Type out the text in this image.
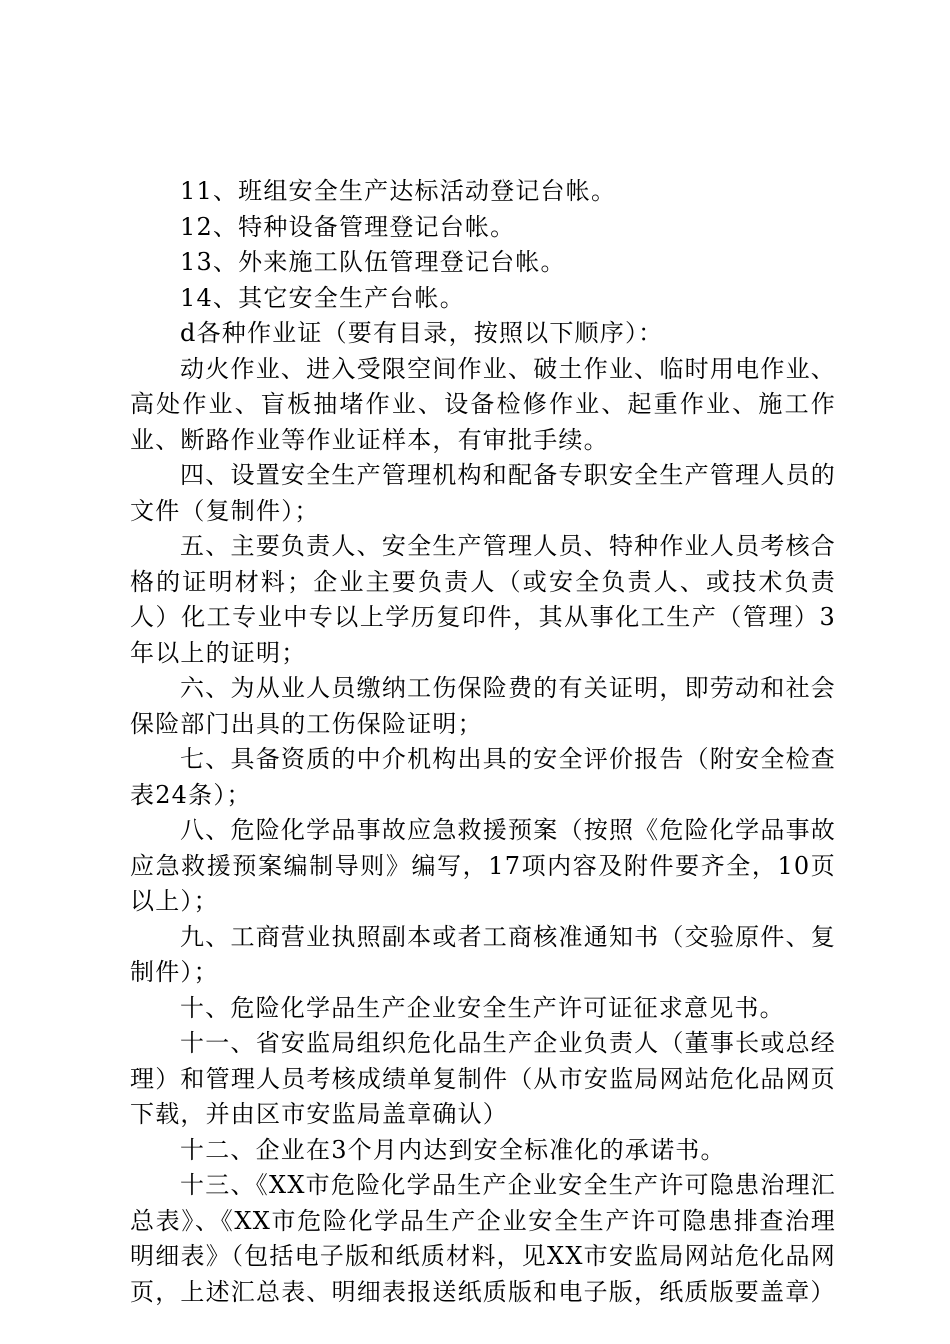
11、班组安全生产达标活动登记台帐。

12、特种设备管理登记台帐。

13、外来施工队伍管理登记台帐。

14、其它安全生产台帐。

d各种作业证（要有目录，按照以下顺序）：

动火作业、进入受限空间作业、破土作业、临时用电作业、高处作业、盲板抽堵作业、设备检修作业、起重作业、施工作业、断路作业等作业证样本，有审批手续。

四、设置安全生产管理机构和配备专职安全生产管理人员的文件（复制件）；

五、主要负责人、安全生产管理人员、特种作业人员考核合格的证明材料；企业主要负责人（或安全负责人、或技术负责人）化工专业中专以上学历复印件，其从事化工生产（管理）3年以上的证明；

六、为从业人员缴纳工伤保险费的有关证明，即劳动和社会保险部门出具的工伤保险证明；

七、具备资质的中介机构出具的安全评价报告（附安全检查表24条）；

八、危险化学品事故应急救援预案（按照《危险化学品事故应急救援预案编制导则》编写，17项内容及附件要齐全，10页以上）；

九、工商营业执照副本或者工商核准通知书（交验原件、复制件）；

十、危险化学品生产企业安全生产许可证征求意见书。

十一、省安监局组织危化品生产企业负责人（董事长或总经理）和管理人员考核成绩单复制件（从市安监局网站危化品网页下载，并由区市安监局盖章确认）

十二、企业在3个月内达到安全标准化的承诺书。

十三、《XX市危险化学品生产企业安全生产许可隐患治理汇总表》、《XX市危险化学品生产企业安全生产许可隐患排查治理明细表》（包括电子版和纸质材料，见XX市安监局网站危化品网页，上述汇总表、明细表报送纸质版和电子版，纸质版要盖章）
